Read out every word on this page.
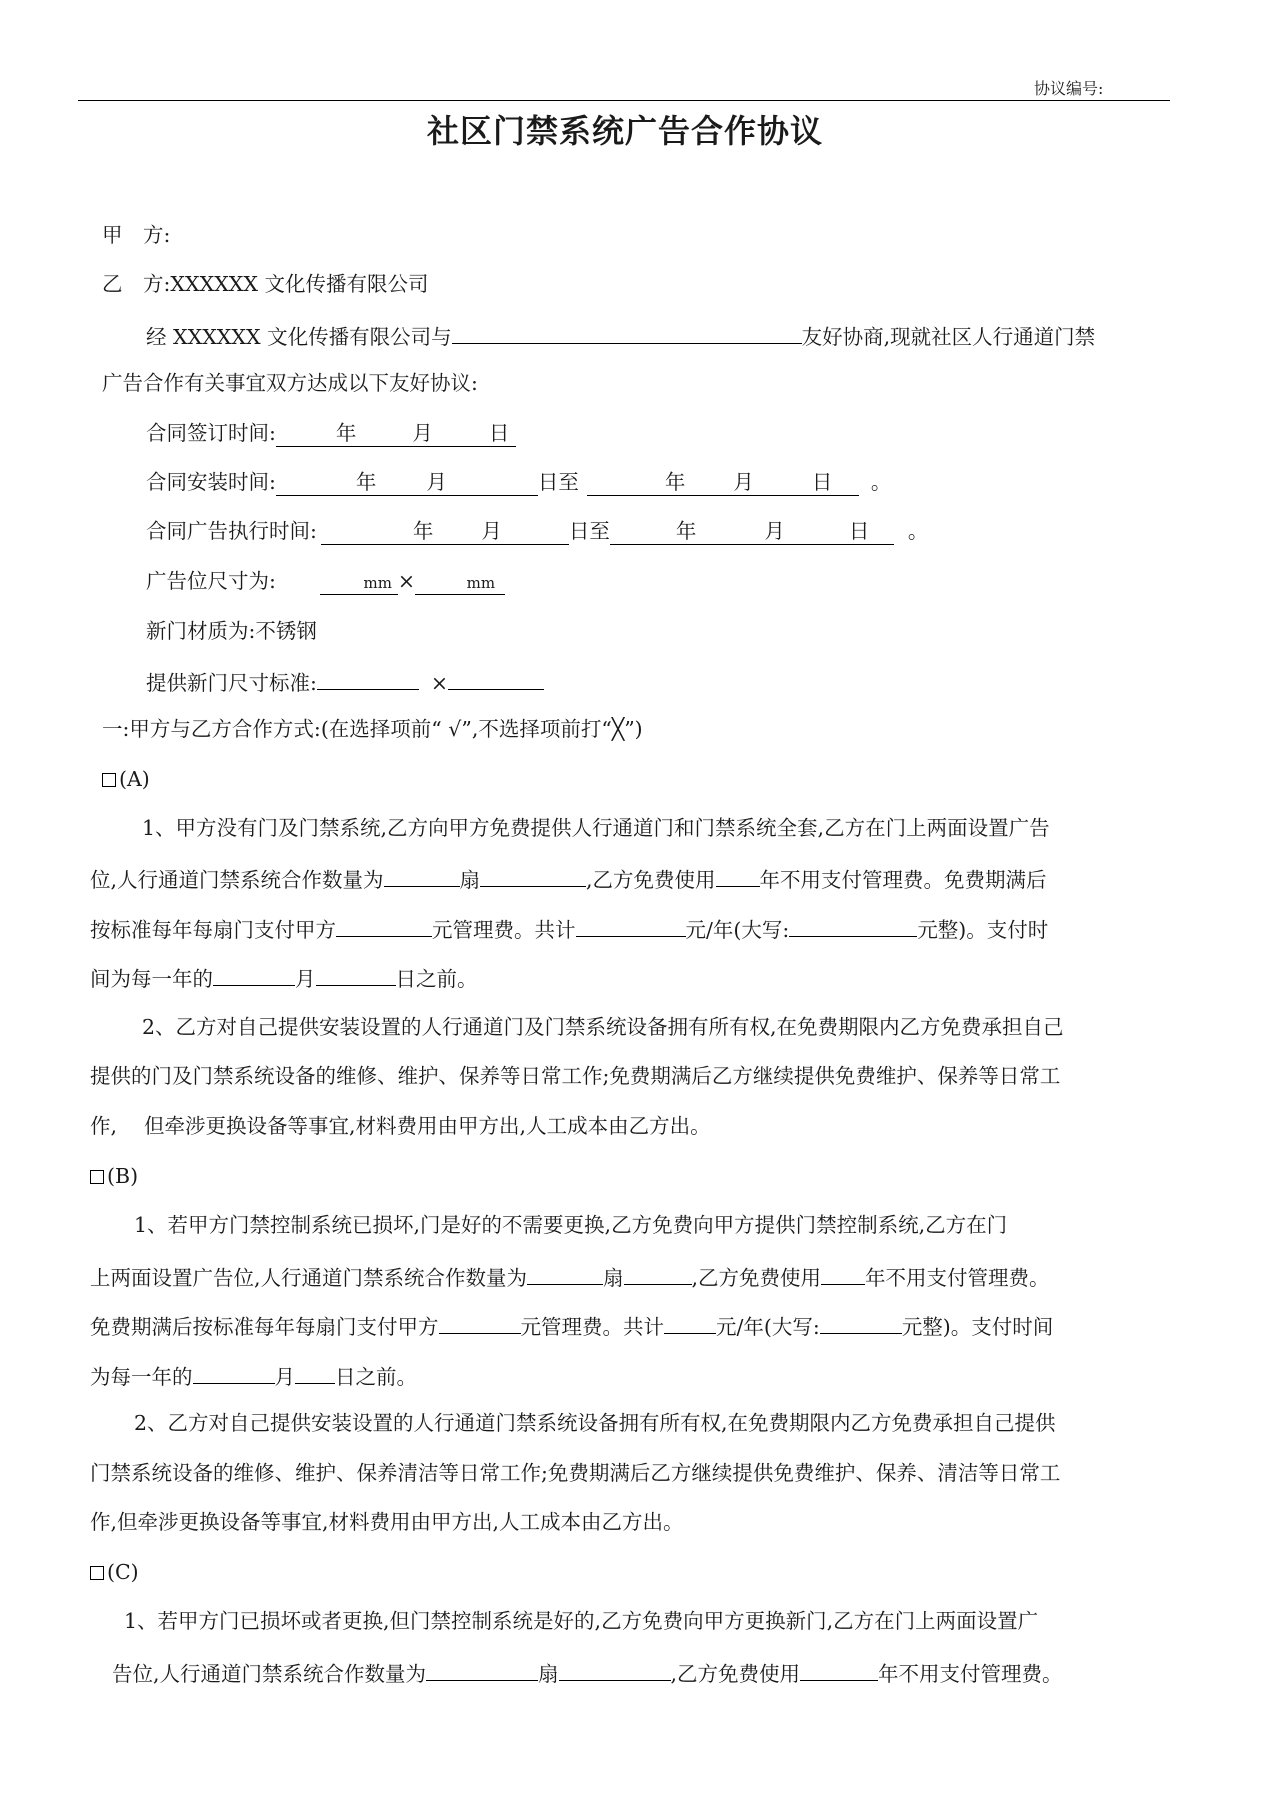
协议编号:
社区门禁系统广告合作协议
甲　方:
乙　方:XXXXXX 文化传播有限公司
经 XXXXXX 文化传播有限公司与	友好协商,现就社区人行通道门禁
广告合作有关事宜双方达成以下友好协议:
合同签订时间:	年	月	日
合同安装时间:	年 月	日至	年 月	日 。
合同广告执行时间:	年 月	日至	年	月	日 。
广告位尺寸为:	mm ×	mm
新门材质为:不锈钢
提供新门尺寸标准:	×
一:甲方与乙方合作方式:(在选择项前“ √”,不选择项前打“╳”)
(A)
1、甲方没有门及门禁系统,乙方向甲方免费提供人行通道门和门禁系统全套,乙方在门上两面设置广告
位,人行通道门禁系统合作数量为	扇	,乙方免费使用 年不用支付管理费。免费期满后
按标准每年每扇门支付甲方	元管理费。共计	元/年(大写:	元整)。支付时
间为每一年的	月	日之前。
2、乙方对自己提供安装设置的人行通道门及门禁系统设备拥有所有权,在免费期限内乙方免费承担自己
提供的门及门禁系统设备的维修、维护、保养等日常工作;免费期满后乙方继续提供免费维护、保养等日常工
作,　 但牵涉更换设备等事宜,材料费用由甲方出,人工成本由乙方出。
(B)
1、若甲方门禁控制系统已损坏,门是好的不需要更换,乙方免费向甲方提供门禁控制系统,乙方在门
上两面设置广告位,人行通道门禁系统合作数量为	扇	,乙方免费使用 年不用支付管理费。
免费期满后按标准每年每扇门支付甲方	元管理费。共计	元/年(大写:	元整)。支付时间
为每一年的	月 日之前。
2、乙方对自己提供安装设置的人行通道门禁系统设备拥有所有权,在免费期限内乙方免费承担自己提供
门禁系统设备的维修、维护、保养清洁等日常工作;免费期满后乙方继续提供免费维护、保养、清洁等日常工
作,但牵涉更换设备等事宜,材料费用由甲方出,人工成本由乙方出。
(C)
1、若甲方门已损坏或者更换,但门禁控制系统是好的,乙方免费向甲方更换新门,乙方在门上两面设置广
告位,人行通道门禁系统合作数量为	扇	,乙方免费使用	年不用支付管理费。
